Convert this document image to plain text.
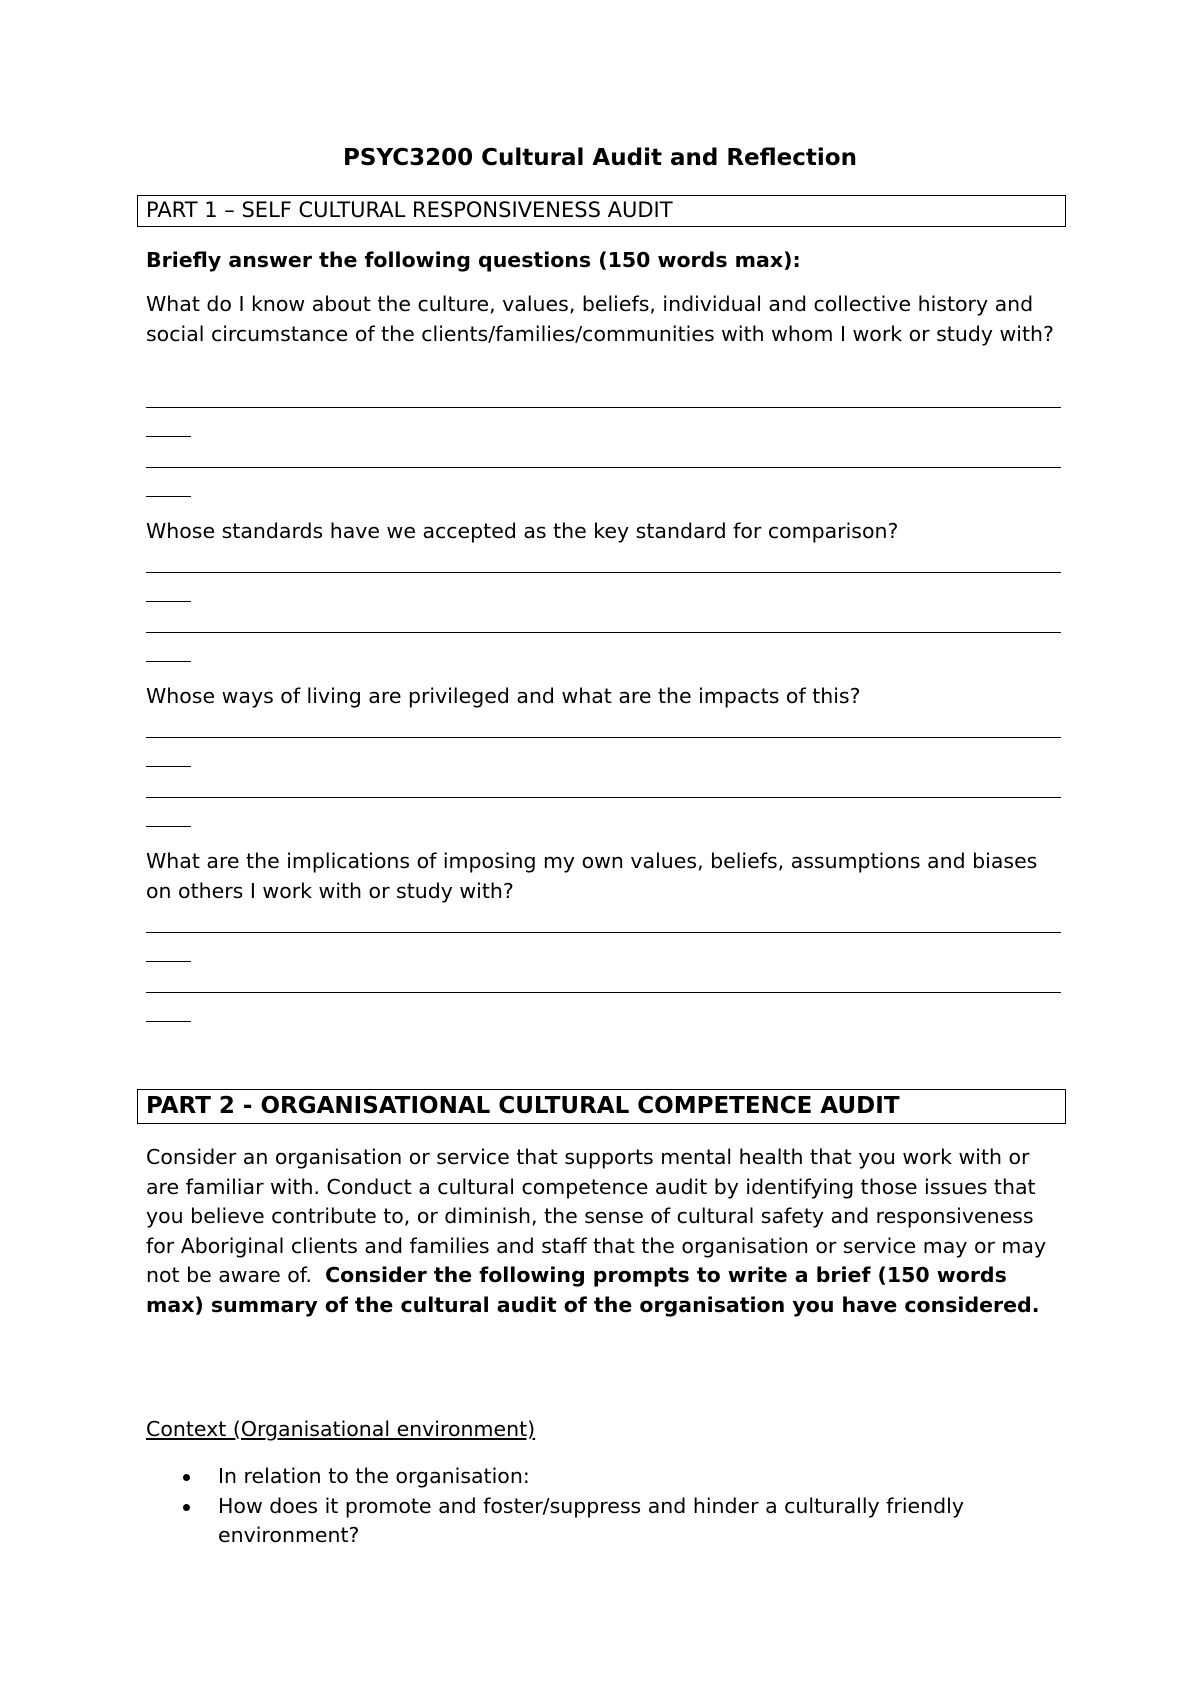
PSYC3200 Cultural Audit and Reflection
PART 1 – SELF CULTURAL RESPONSIVENESS AUDIT
Briefly answer the following questions (150 words max):
What do I know about the culture, values, beliefs, individual and collective history and social circumstance of the clients/families/communities with whom I work or study with?
Whose standards have we accepted as the key standard for comparison?
Whose ways of living are privileged and what are the impacts of this?
What are the implications of imposing my own values, beliefs, assumptions and biases on others I work with or study with?
PART 2 - ORGANISATIONAL CULTURAL COMPETENCE AUDIT
Consider an organisation or service that supports mental health that you work with or are familiar with. Conduct a cultural competence audit by identifying those issues that you believe contribute to, or diminish, the sense of cultural safety and responsiveness for Aboriginal clients and families and staff that the organisation or service may or may not be aware of. Consider the following prompts to write a brief (150 words max) summary of the cultural audit of the organisation you have considered.
Context (Organisational environment)
In relation to the organisation:
How does it promote and foster/suppress and hinder a culturally friendly environment?
